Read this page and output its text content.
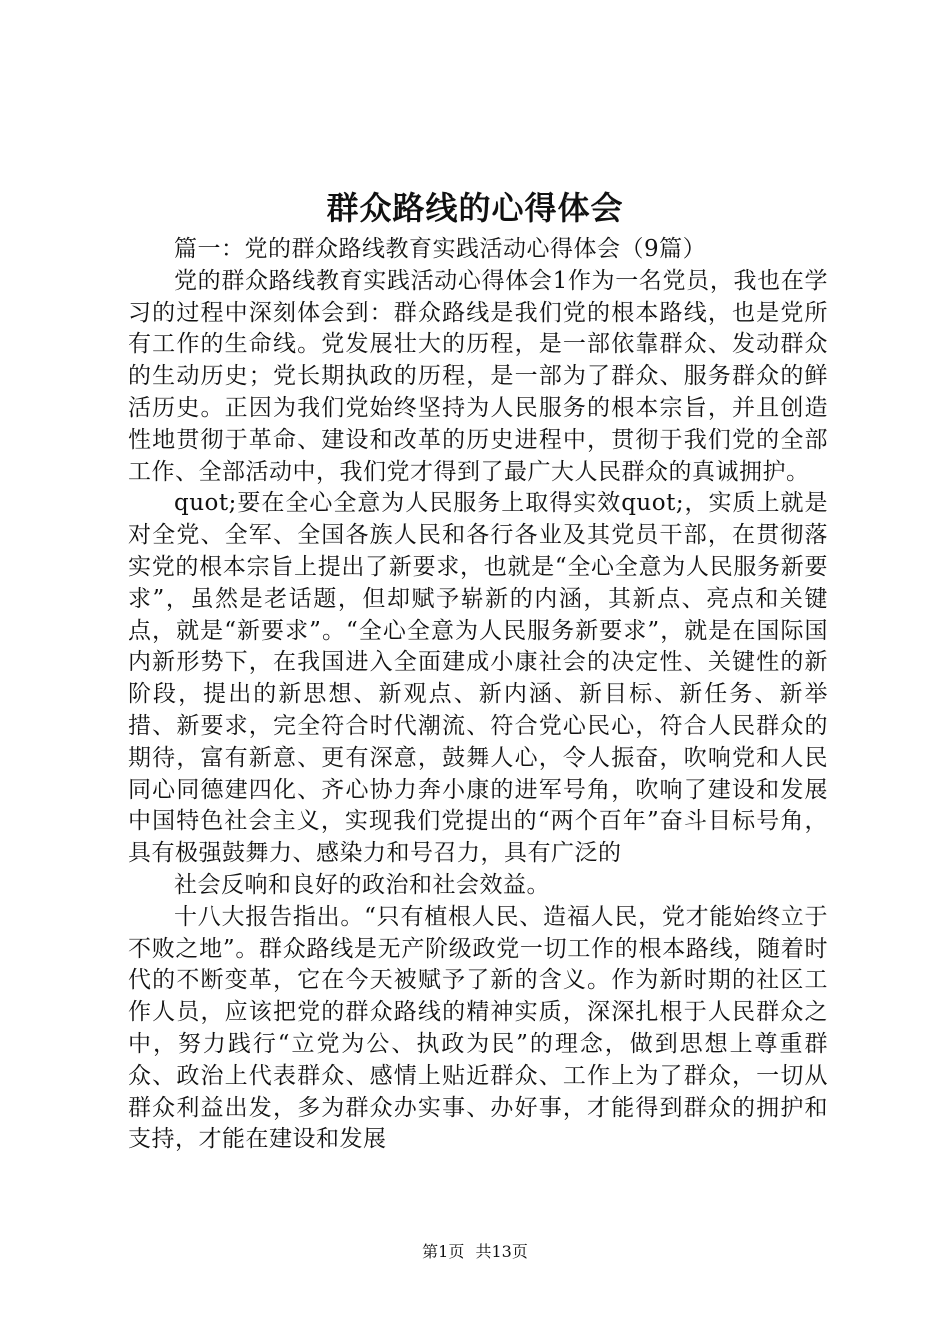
群众路线的心得体会

篇一：党的群众路线教育实践活动心得体会（9篇）

党的群众路线教育实践活动心得体会1作为一名党员，我也在学习的过程中深刻体会到：群众路线是我们党的根本路线，也是党所有工作的生命线。党发展壮大的历程，是一部依靠群众、发动群众的生动历史；党长期执政的历程，是一部为了群众、服务群众的鲜活历史。正因为我们党始终坚持为人民服务的根本宗旨，并且创造性地贯彻于革命、建设和改革的历史进程中，贯彻于我们党的全部工作、全部活动中，我们党才得到了最广大人民群众的真诚拥护。

quot;要在全心全意为人民服务上取得实效quot;，实质上就是对全党、全军、全国各族人民和各行各业及其党员干部，在贯彻落实党的根本宗旨上提出了新要求，也就是“全心全意为人民服务新要求”，虽然是老话题，但却赋予崭新的内涵，其新点、亮点和关键点，就是“新要求”。“全心全意为人民服务新要求”，就是在国际国内新形势下，在我国进入全面建成小康社会的决定性、关键性的新阶段，提出的新思想、新观点、新内涵、新目标、新任务、新举措、新要求，完全符合时代潮流、符合党心民心，符合人民群众的期待，富有新意、更有深意，鼓舞人心，令人振奋，吹响党和人民同心同德建四化、齐心协力奔小康的进军号角，吹响了建设和发展中国特色社会主义，实现我们党提出的“两个百年”奋斗目标号角，具有极强鼓舞力、感染力和号召力，具有广泛的

社会反响和良好的政治和社会效益。

十八大报告指出。“只有植根人民、造福人民，党才能始终立于不败之地”。群众路线是无产阶级政党一切工作的根本路线，随着时代的不断变革，它在今天被赋予了新的含义。作为新时期的社区工作人员，应该把党的群众路线的精神实质，深深扎根于人民群众之中，努力践行“立党为公、执政为民”的理念，做到思想上尊重群众、政治上代表群众、感情上贴近群众、工作上为了群众，一切从群众利益出发，多为群众办实事、办好事，才能得到群众的拥护和支持，才能在建设和发展

第1页 共13页
